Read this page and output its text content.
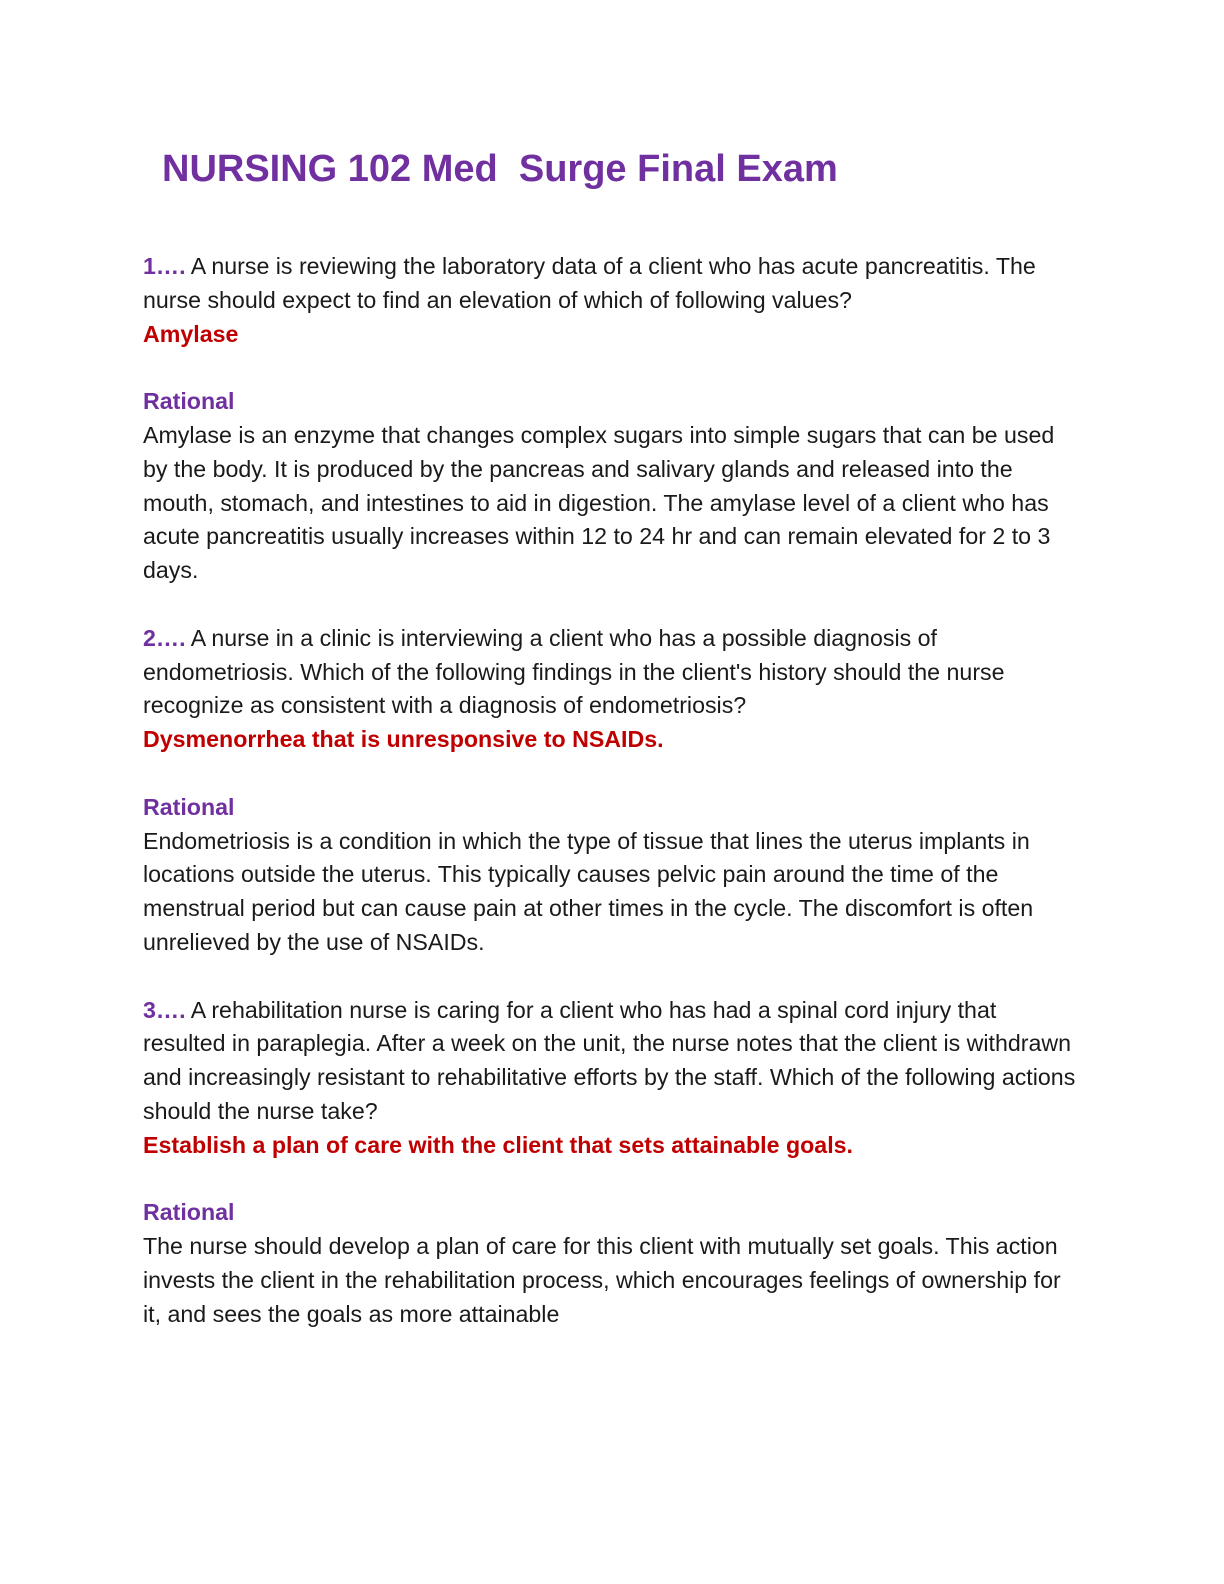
NURSING 102 Med  Surge Final Exam
1…. A nurse is reviewing the laboratory data of a client who has acute pancreatitis. The nurse should expect to find an elevation of which of following values?
Amylase
Rational
Amylase is an enzyme that changes complex sugars into simple sugars that can be used by the body. It is produced by the pancreas and salivary glands and released into the mouth, stomach, and intestines to aid in digestion. The amylase level of a client who has acute pancreatitis usually increases within 12 to 24 hr and can remain elevated for 2 to 3 days.
2…. A nurse in a clinic is interviewing a client who has a possible diagnosis of endometriosis. Which of the following findings in the client's history should the nurse recognize as consistent with a diagnosis of endometriosis?
Dysmenorrhea that is unresponsive to NSAIDs.
Rational
Endometriosis is a condition in which the type of tissue that lines the uterus implants in locations outside the uterus. This typically causes pelvic pain around the time of the menstrual period but can cause pain at other times in the cycle. The discomfort is often unrelieved by the use of NSAIDs.
3…. A rehabilitation nurse is caring for a client who has had a spinal cord injury that resulted in paraplegia. After a week on the unit, the nurse notes that the client is withdrawn and increasingly resistant to rehabilitative efforts by the staff. Which of the following actions should the nurse take?
Establish a plan of care with the client that sets attainable goals.
Rational
The nurse should develop a plan of care for this client with mutually set goals. This action invests the client in the rehabilitation process, which encourages feelings of ownership for it, and sees the goals as more attainable
